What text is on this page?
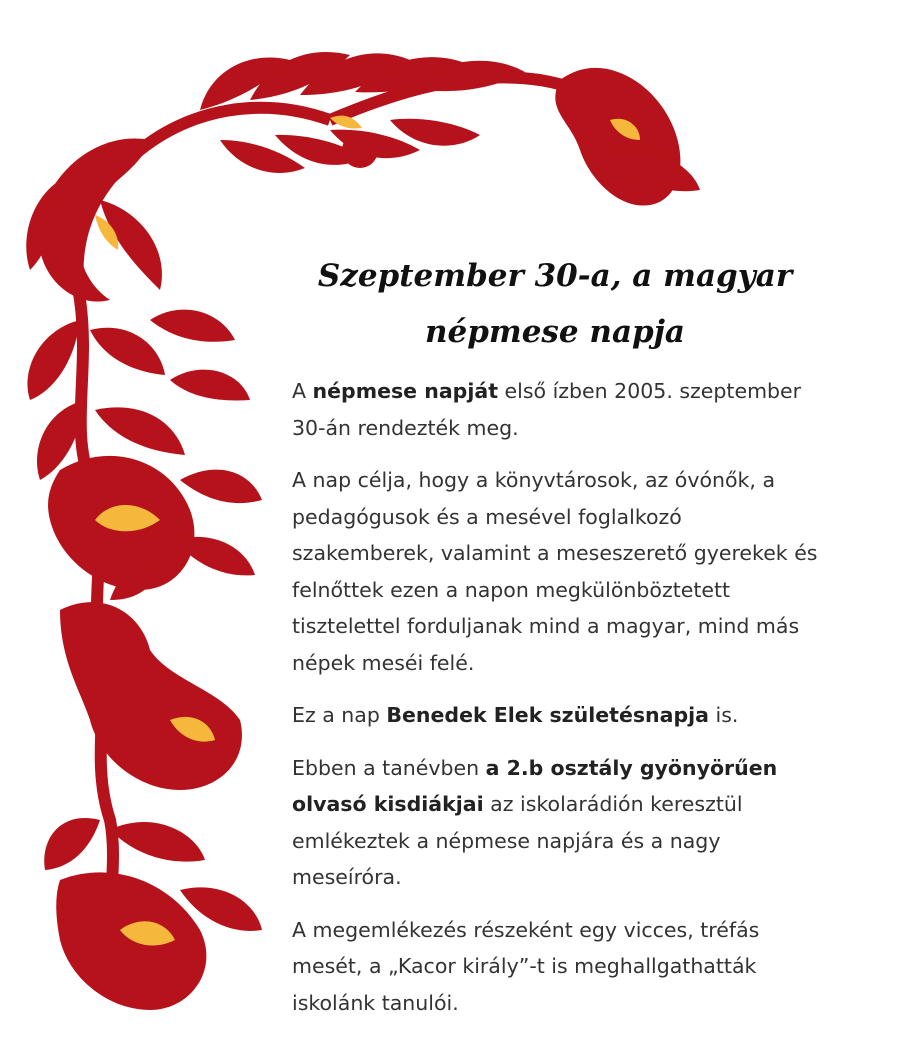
Szeptember 30-a, a magyar népmese napja

A népmese napját első ízben 2005. szeptember 30-án rendezték meg.

A nap célja, hogy a könyvtárosok, az óvónők, a pedagógusok és a mesével foglalkozó szakemberek, valamint a meseszerető gyerekek és felnőttek ezen a napon megkülönböztetett tisztelettel forduljanak mind a magyar, mind más népek meséi felé.

Ez a nap Benedek Elek születésnapja is.

Ebben a tanévben a 2.b osztály gyönyörűen olvasó kisdiákjai az iskolarádión keresztül emlékeztek a népmese napjára és a nagy meseíróra.

A megemlékezés részeként egy vicces, tréfás mesét, a „Kacor király”-t is meghallgathatták iskolánk tanulói.
